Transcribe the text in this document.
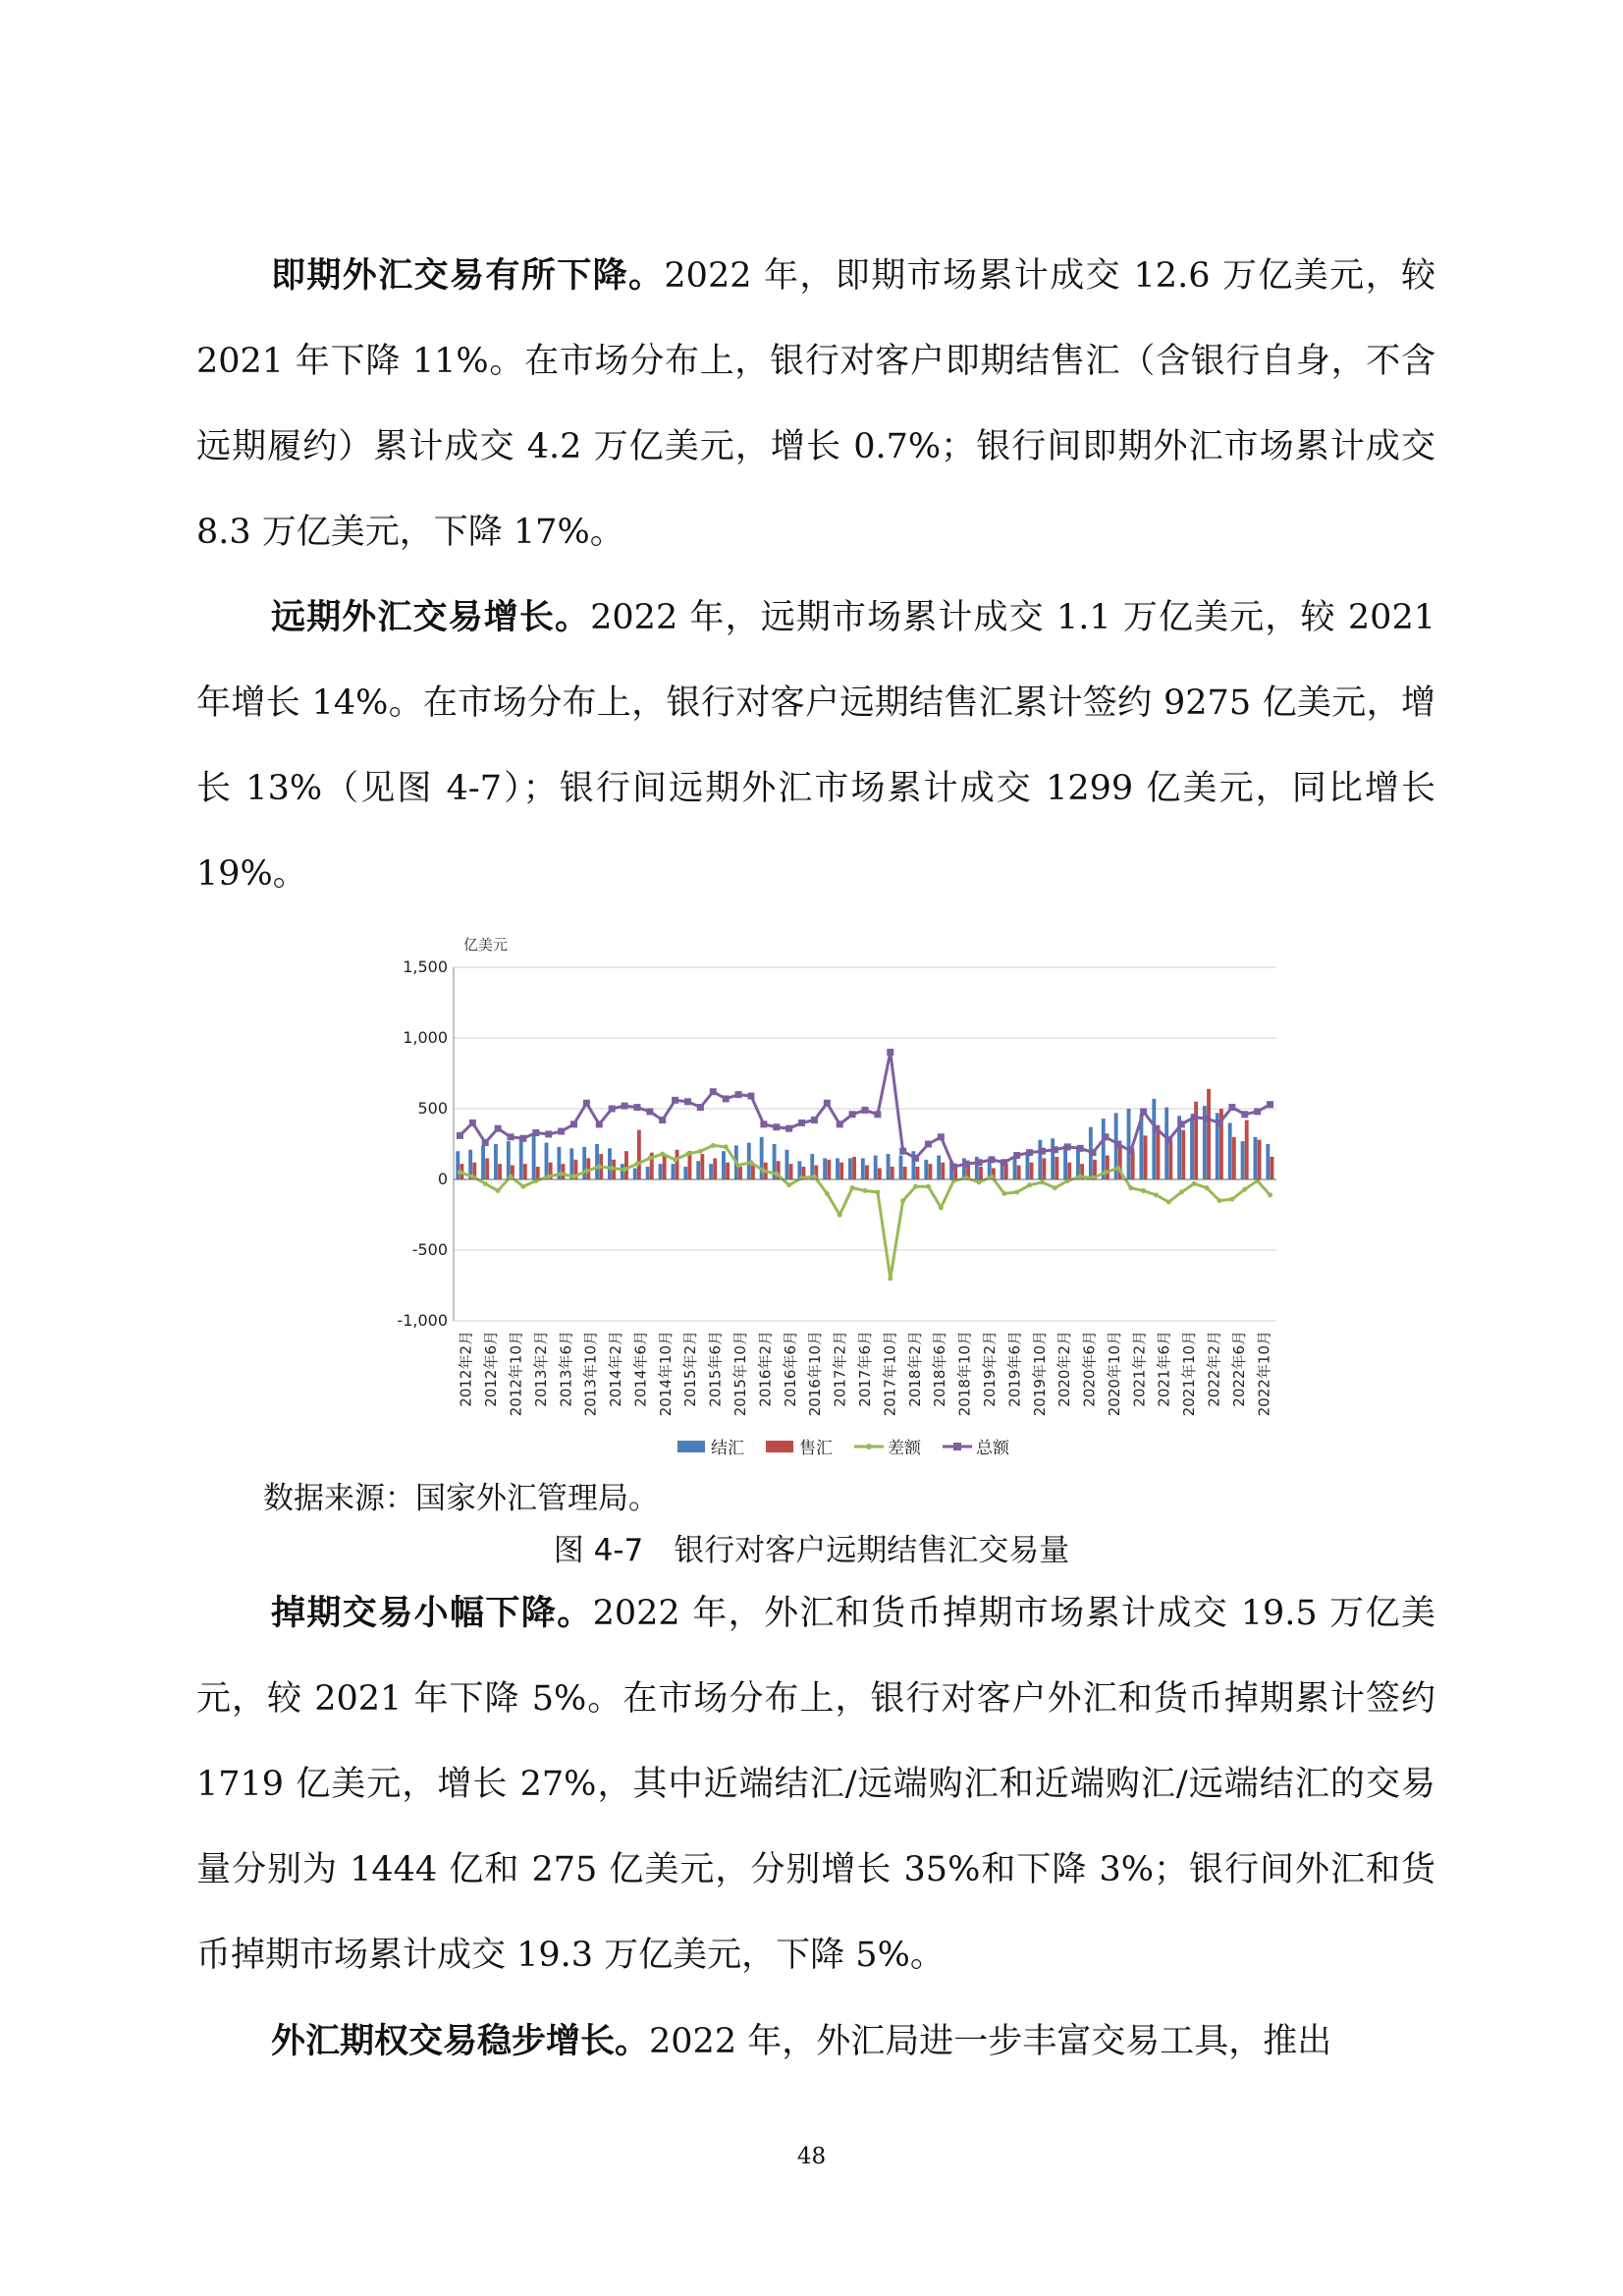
即期外汇交易有所下降。2022 年，即期市场累计成交 12.6 万亿美元，较 2021 年下降 11%。在市场分布上，银行对客户即期结售汇（含银行自身，不含远期履约）累计成交 4.2 万亿美元，增长 0.7%；银行间即期外汇市场累计成交 8.3 万亿美元，下降 17%。

远期外汇交易增长。2022 年，远期市场累计成交 1.1 万亿美元，较 2021 年增长 14%。在市场分布上，银行对客户远期结售汇累计签约 9275 亿美元，增长 13%（见图 4-7）；银行间远期外汇市场累计成交 1299 亿美元，同比增长 19%。

亿美元
1,500
1,000
500
0
-500
-1,000
2012年2月 2012年6月 2012年10月 2013年2月 2013年6月 2013年10月 2014年2月 2014年6月 2014年10月 2015年2月 2015年6月 2015年10月 2016年2月 2016年6月 2016年10月 2017年2月 2017年6月 2017年10月 2018年2月 2018年6月 2018年10月 2019年2月 2019年6月 2019年10月 2020年2月 2020年6月 2020年10月 2021年2月 2021年6月 2021年10月 2022年2月 2022年6月 2022年10月
结汇	售汇	差额	总额
数据来源：国家外汇管理局。
图 4-7　银行对客户远期结售汇交易量

掉期交易小幅下降。2022 年，外汇和货币掉期市场累计成交 19.5 万亿美元，较 2021 年下降 5%。在市场分布上，银行对客户外汇和货币掉期累计签约 1719 亿美元，增长 27%，其中近端结汇/远端购汇和近端购汇/远端结汇的交易量分别为 1444 亿和 275 亿美元，分别增长 35%和下降 3%；银行间外汇和货币掉期市场累计成交 19.3 万亿美元，下降 5%。

外汇期权交易稳步增长。2022 年，外汇局进一步丰富交易工具，推出

48
